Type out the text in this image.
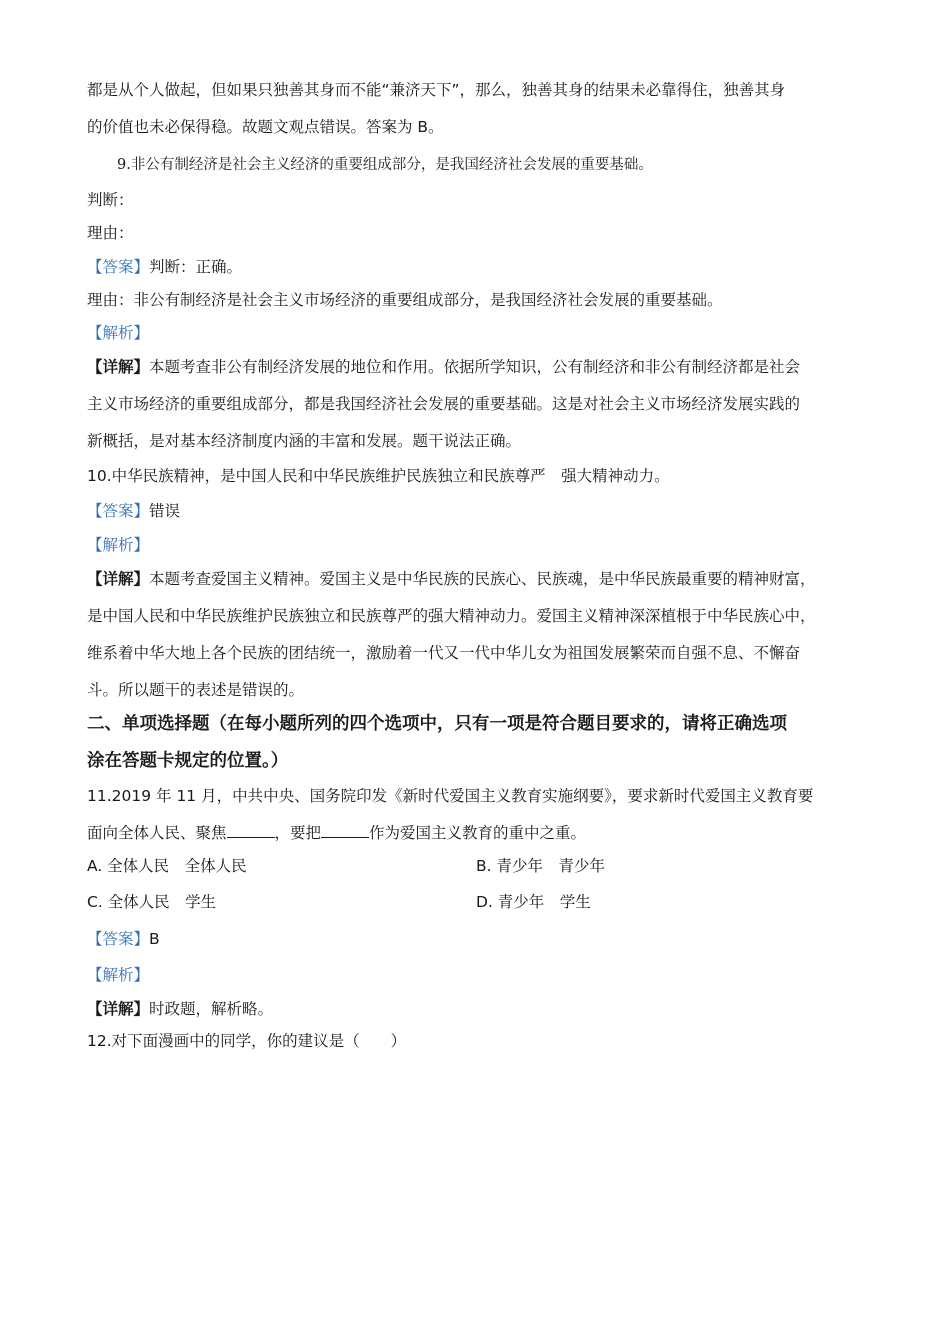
都是从个人做起，但如果只独善其身而不能“兼济天下”，那么，独善其身的结果未必靠得住，独善其身
的价值也未必保得稳。故题文观点错误。答案为 B。
9.非公有制经济是社会主义经济的重要组成部分，是我国经济社会发展的重要基础。
判断：
理由：
【答案】判断：正确。
理由：非公有制经济是社会主义市场经济的重要组成部分，是我国经济社会发展的重要基础。
【解析】
【详解】本题考查非公有制经济发展的地位和作用。依据所学知识，公有制经济和非公有制经济都是社会
主义市场经济的重要组成部分，都是我国经济社会发展的重要基础。这是对社会主义市场经济发展实践的
新概括，是对基本经济制度内涵的丰富和发展。题干说法正确。
10.中华民族精神，是中国人民和中华民族维护民族独立和民族尊严　强大精神动力。
【答案】错误
【解析】
【详解】本题考查爱国主义精神。爱国主义是中华民族的民族心、民族魂，是中华民族最重要的精神财富，
是中国人民和中华民族维护民族独立和民族尊严的强大精神动力。爱国主义精神深深植根于中华民族心中，
维系着中华大地上各个民族的团结统一，激励着一代又一代中华儿女为祖国发展繁荣而自强不息、不懈奋
斗。所以题干的表述是错误的。
二、单项选择题（在每小题所列的四个选项中，只有一项是符合题目要求的，请将正确选项
涂在答题卡规定的位置。）
11.2019 年 11 月，中共中央、国务院印发《新时代爱国主义教育实施纲要》，要求新时代爱国主义教育要
面向全体人民、聚焦	，要把	作为爱国主义教育的重中之重。
A. 全体人民　全体人民	B. 青少年　青少年
C. 全体人民　学生	D. 青少年　学生
【答案】B
【解析】
【详解】时政题，解析略。
12.对下面漫画中的同学，你的建议是（　　）
